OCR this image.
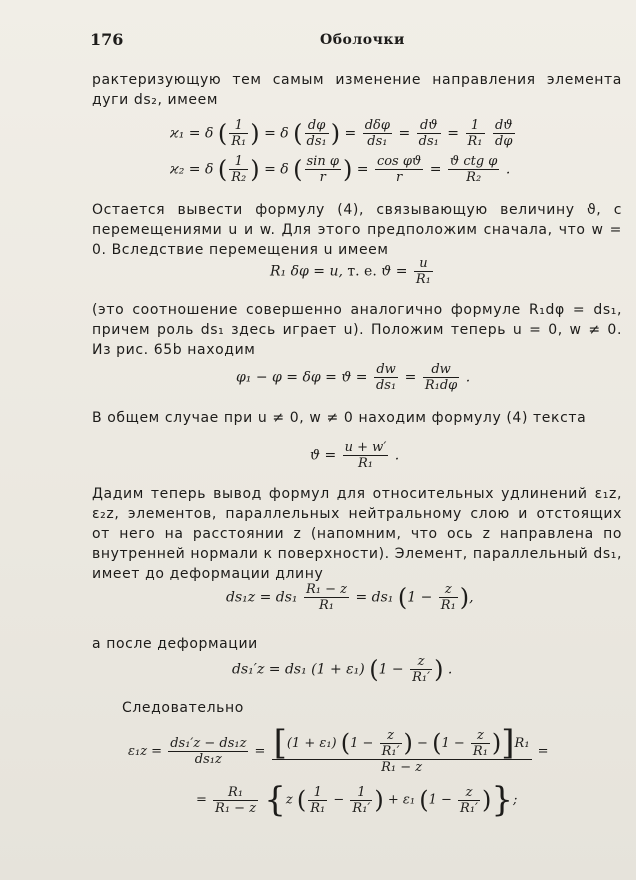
176	Оболочки
рактеризующую тем самым изменение направления элемента дуги ds₂, имеем
ϰ₁ = δ ( $\frac{1}{\text{R₁}}$ ) = δ ( $\frac{d\varphi}{\text{ds₁}}$ ) = $\frac{\text{dδφ}}{\text{ds₁}} = \frac{dϑ}{\text{ds₁}} = \frac{1}{\text{R₁}}$
$\frac{dϑ}{d\varphi}$
ϰ₂ = δ ( $\frac{1}{\text{R₂}}$ ) = δ ( $\frac{\text{sin φ}}{r}$ ) = $\frac{\text{cos φϑ}}{r} = \frac{\text{ϑ ctg φ}}{\text{R₂}}$ .
Остается вывести формулу (4), связывающую величину ϑ, с перемещениями u и w. Для этого предположим сначала, что w = 0. Вследствие перемещения u имеем
R₁ δφ = u, т. е. $ϑ = \frac{u}{\text{R₁}}$
(это соотношение совершенно аналогично формуле R₁dφ = ds₁, причем роль ds₁ здесь играет u). Положим теперь u = 0, w ≠ 0. Из рис. 65b находим
$\varphi_1 - \varphi = \delta\varphi = ϑ = \frac{dw}{\text{ds₁}} = \frac{dw}{\text{R₁dφ}}$ .
В общем случае при u ≠ 0, w ≠ 0 находим формулу (4) текста
$ϑ = \frac{u + w'}{\text{R₁}}$ .
Дадим теперь вывод формул для относительных удлинений ε₁z, ε₂z, элементов, параллельных нейтральному слою и отстоящих от него на расстоянии z (напомним, что ось z направлена по внутренней нормали к поверхности). Элемент, параллельный ds₁, имеет до деформации длину
$ds_1z = ds_1 \frac{\text{R₁ − z}}{\text{R₁}} = ds_1$ ($1 - \frac{z}{\text{R₁}}$ ),
а после деформации
ds₁′z = ds₁ (1 + ε₁) ($1 - \frac{z}{\text{R₁′}}$ ) .
Следовательно
$\varepsilon_1z = \frac{\text{ds₁′z − ds₁z}}{\text{ds₁z}} = [(1 + \varepsilon_1) (1 - \frac{z}{\text{R₁′}}$ ) − $(1 - \frac{z}{\text{R₁}} )]R_1$
R₁ − z
=
= $\frac{\text{R₁}}{\text{R₁ − z}} \{z$ ( $\frac{1}{\text{R₁}} - \frac{1}{\text{R₁′}}$ ) + ε₁ ($1 - \frac{z}{\text{R₁′}}$ )};
